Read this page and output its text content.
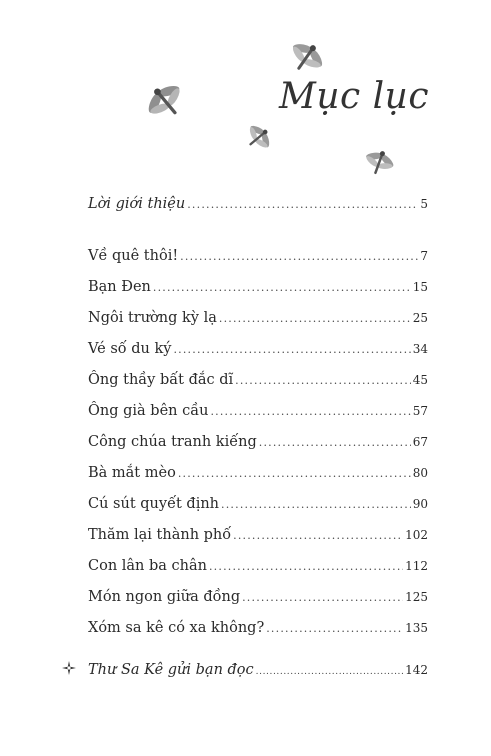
Mục lục
Lời giới thiệu .....	5
Về quê thôi! .....	7
Bạn Đen .....	15
Ngôi trường kỳ lạ .....	25
Vé số du ký .....	34
Ông thầy bất đắc dĩ .....	45
Ông già bên cầu .....	57
Công chúa tranh kiếng .....	67
Bà mắt mèo .....	80
Cú sút quyết định .....	90
Thăm lại thành phố .....	102
Con lân ba chân .....	112
Món ngon giữa đồng .....	125
Xóm sa kê có xa không? .....	135
Thư Sa Kê gửi bạn đọc .....	142
